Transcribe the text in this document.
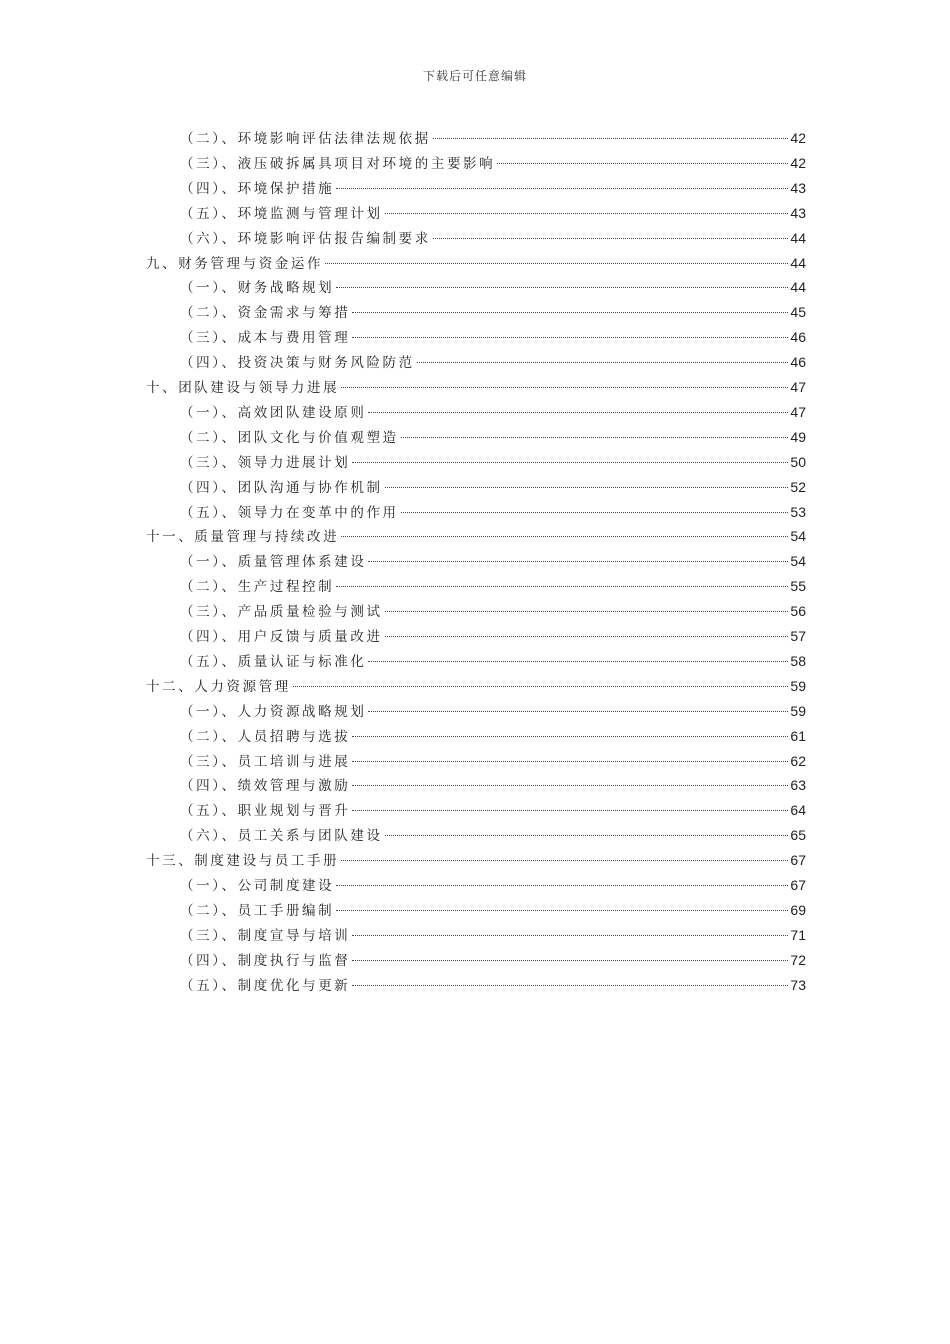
下载后可任意编辑
（二）、环境影响评估法律法规依据	42
（三）、液压破拆属具项目对环境的主要影响	42
（四）、环境保护措施	43
（五）、环境监测与管理计划	43
（六）、环境影响评估报告编制要求	44
九、财务管理与资金运作	44
（一）、财务战略规划	44
（二）、资金需求与筹措	45
（三）、成本与费用管理	46
（四）、投资决策与财务风险防范	46
十、团队建设与领导力进展	47
（一）、高效团队建设原则	47
（二）、团队文化与价值观塑造	49
（三）、领导力进展计划	50
（四）、团队沟通与协作机制	52
（五）、领导力在变革中的作用	53
十一、质量管理与持续改进	54
（一）、质量管理体系建设	54
（二）、生产过程控制	55
（三）、产品质量检验与测试	56
（四）、用户反馈与质量改进	57
（五）、质量认证与标准化	58
十二、人力资源管理	59
（一）、人力资源战略规划	59
（二）、人员招聘与选拔	61
（三）、员工培训与进展	62
（四）、绩效管理与激励	63
（五）、职业规划与晋升	64
（六）、员工关系与团队建设	65
十三、制度建设与员工手册	67
（一）、公司制度建设	67
（二）、员工手册编制	69
（三）、制度宣导与培训	71
（四）、制度执行与监督	72
（五）、制度优化与更新	73
